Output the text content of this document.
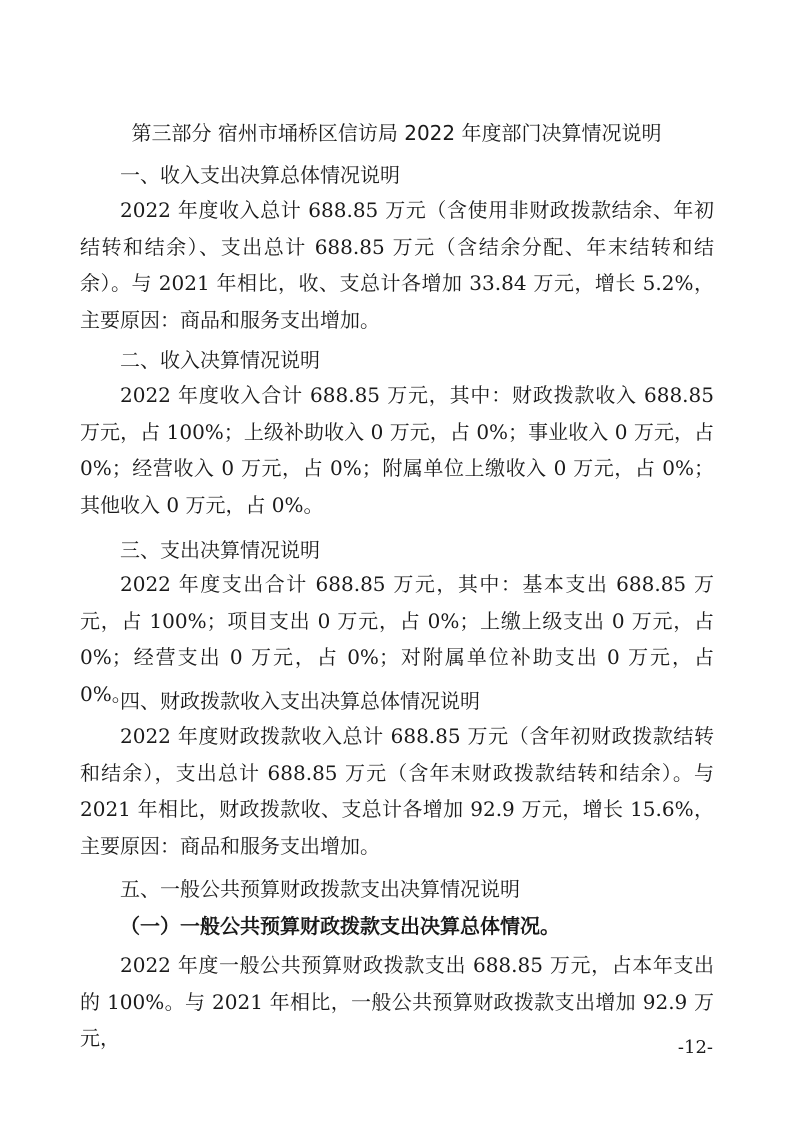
第三部分 宿州市埇桥区信访局 2022 年度部门决算情况说明
一、收入支出决算总体情况说明

2022 年度收入总计 688.85 万元（含使用非财政拨款结余、年初结转和结余）、支出总计 688.85 万元（含结余分配、年末结转和结余）。与 2021 年相比，收、支总计各增加 33.84 万元，增长 5.2%，主要原因：商品和服务支出增加。

二、收入决算情况说明

2022 年度收入合计 688.85 万元，其中：财政拨款收入 688.85 万元，占 100%；上级补助收入 0 万元，占 0%；事业收入 0 万元，占 0%；经营收入 0 万元，占 0%；附属单位上缴收入 0 万元，占 0%；其他收入 0 万元，占 0%。

三、支出决算情况说明

2022 年度支出合计 688.85 万元，其中：基本支出 688.85 万元，占 100%；项目支出 0 万元，占 0%；上缴上级支出 0 万元，占 0%；经营支出 0 万元，占 0%；对附属单位补助支出 0 万元，占 0%。

四、财政拨款收入支出决算总体情况说明

2022 年度财政拨款收入总计 688.85 万元（含年初财政拨款结转和结余），支出总计 688.85 万元（含年末财政拨款结转和结余）。与 2021 年相比，财政拨款收、支总计各增加 92.9 万元，增长 15.6%，主要原因：商品和服务支出增加。

五、一般公共预算财政拨款支出决算情况说明
（一）一般公共预算财政拨款支出决算总体情况。

2022 年度一般公共预算财政拨款支出 688.85 万元，占本年支出的 100%。与 2021 年相比，一般公共预算财政拨款支出增加 92.9 万元，	-12-
